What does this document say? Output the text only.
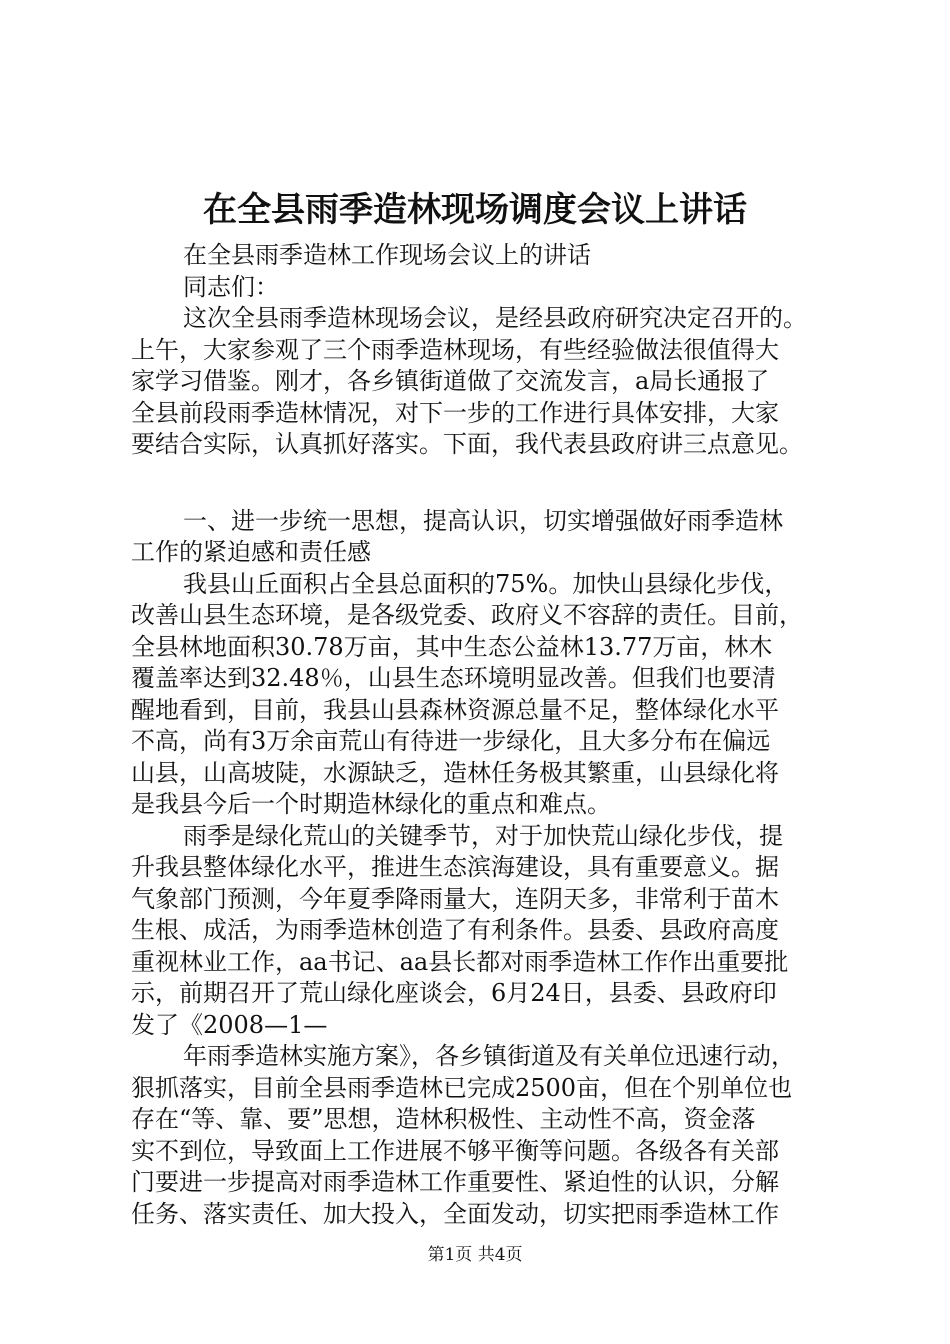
在全县雨季造林现场调度会议上讲话
在全县雨季造林工作现场会议上的讲话
同志们：
这次全县雨季造林现场会议，是经县政府研究决定召开的。
上午，大家参观了三个雨季造林现场，有些经验做法很值得大
家学习借鉴。刚才，各乡镇街道做了交流发言，a局长通报了
全县前段雨季造林情况，对下一步的工作进行具体安排，大家
要结合实际，认真抓好落实。下面，我代表县政府讲三点意见。
一、进一步统一思想，提高认识，切实增强做好雨季造林
工作的紧迫感和责任感
我县山丘面积占全县总面积的75%。加快山县绿化步伐，
改善山县生态环境，是各级党委、政府义不容辞的责任。目前，
全县林地面积30.78万亩，其中生态公益林13.77万亩，林木
覆盖率达到32.48％，山县生态环境明显改善。但我们也要清
醒地看到，目前，我县山县森林资源总量不足，整体绿化水平
不高，尚有3万余亩荒山有待进一步绿化，且大多分布在偏远
山县，山高坡陡，水源缺乏，造林任务极其繁重，山县绿化将
是我县今后一个时期造林绿化的重点和难点。
雨季是绿化荒山的关键季节，对于加快荒山绿化步伐，提
升我县整体绿化水平，推进生态滨海建设，具有重要意义。据
气象部门预测，今年夏季降雨量大，连阴天多，非常利于苗木
生根、成活，为雨季造林创造了有利条件。县委、县政府高度
重视林业工作，aa书记、aa县长都对雨季造林工作作出重要批
示，前期召开了荒山绿化座谈会，6月24日，县委、县政府印
发了《2008—1—
年雨季造林实施方案》，各乡镇街道及有关单位迅速行动，
狠抓落实，目前全县雨季造林已完成2500亩，但在个别单位也
存在“等、靠、要”思想，造林积极性、主动性不高，资金落
实不到位，导致面上工作进展不够平衡等问题。各级各有关部
门要进一步提高对雨季造林工作重要性、紧迫性的认识，分解
任务、落实责任、加大投入，全面发动，切实把雨季造林工作
第1页 共4页
